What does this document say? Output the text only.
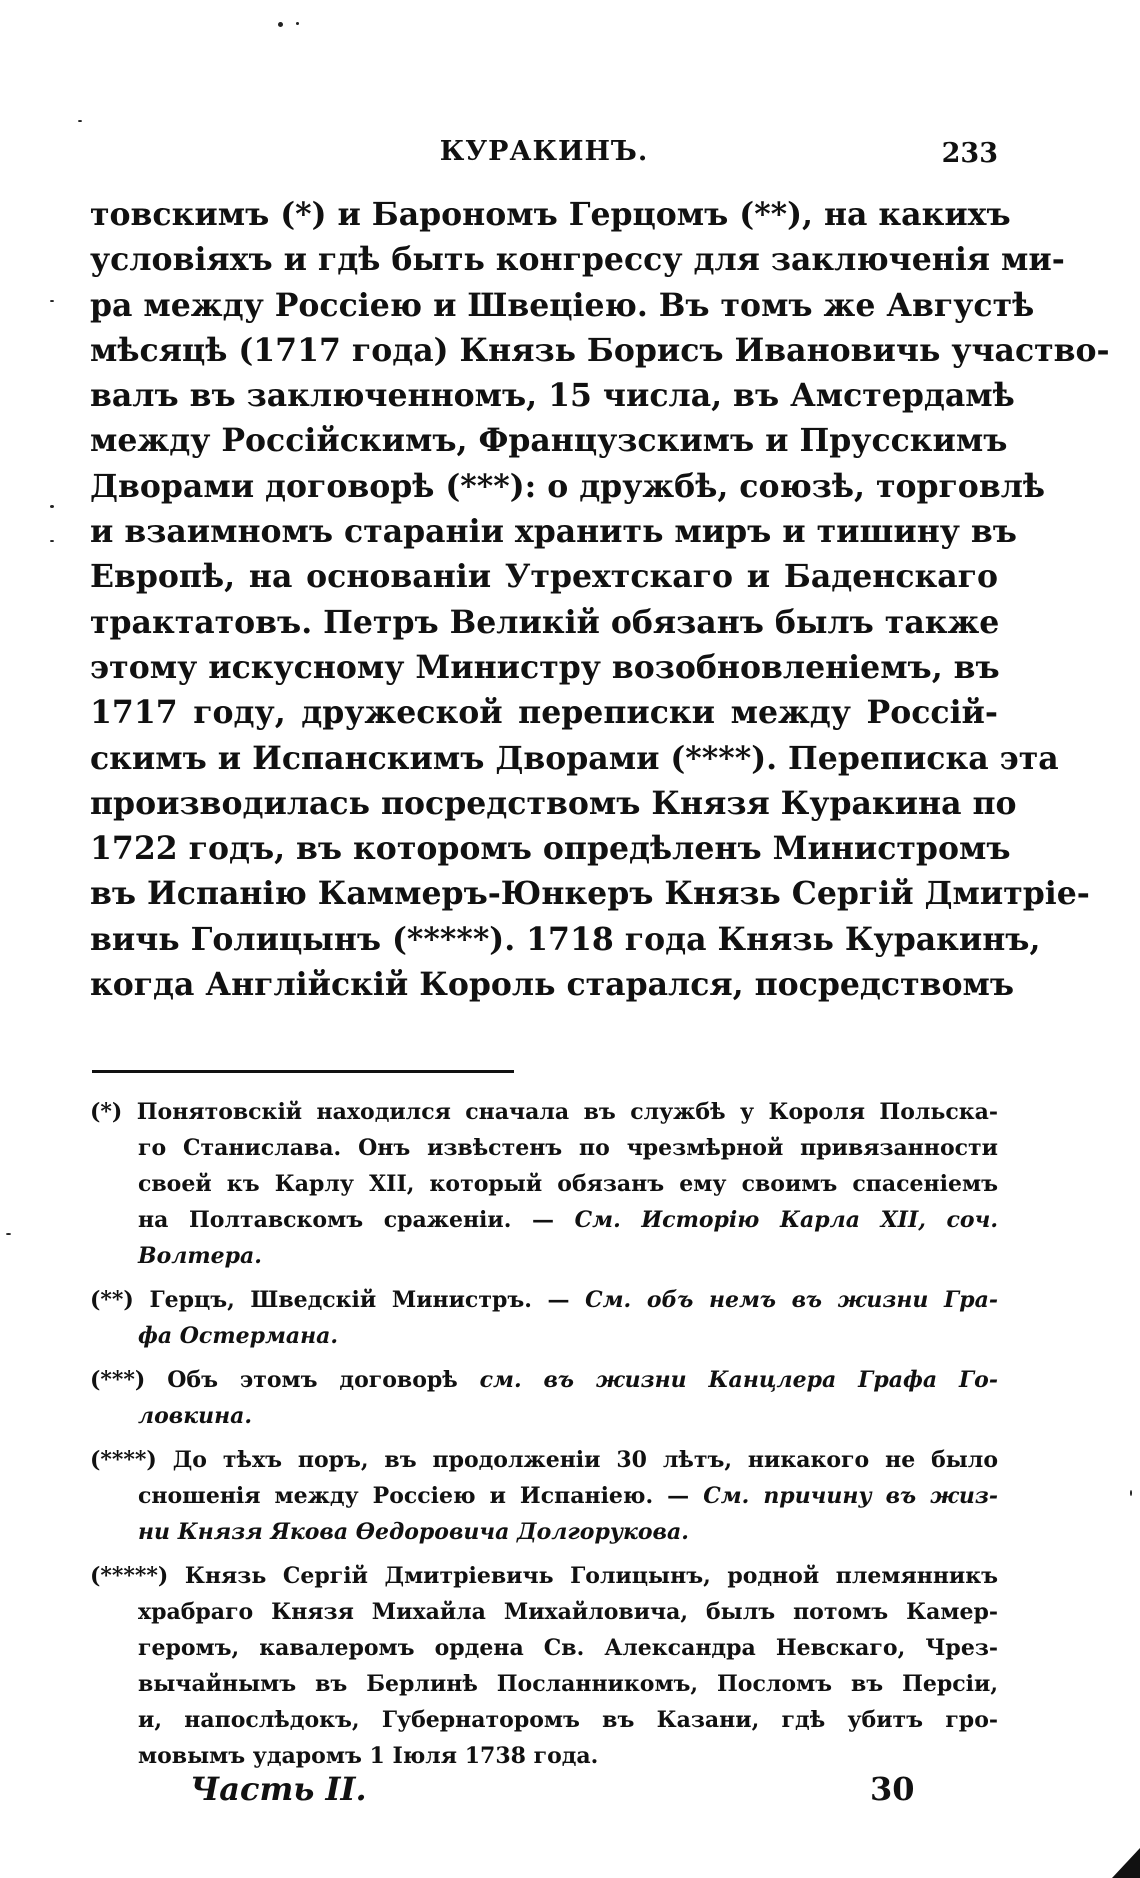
КУРАКИНЪ.	233
товскимъ (*) и Барономъ Герцомъ (**), на какихъ
условіяхъ и гдѣ быть конгрессу для заключенія ми-
ра между Россіею и Швеціею. Въ томъ же Августѣ
мѣсяцѣ (1717 года) Князь Борисъ Ивановичь участво-
валъ въ заключенномъ, 15 числа, въ Амстердамѣ
между Россійскимъ, Французскимъ и Прусскимъ
Дворами договорѣ (***): о дружбѣ, союзѣ, торговлѣ
и взаимномъ стараніи хранить миръ и тишину въ
Европѣ, на основаніи Утрехтскаго и Баденскаго
трактатовъ. Петръ Великій обязанъ былъ также
этому искусному Министру возобновленіемъ, въ
1717 году, дружеской переписки между Россій-
скимъ и Испанскимъ Дворами (****). Переписка эта
производилась посредствомъ Князя Куракина по
1722 годъ, въ которомъ опредѣленъ Министромъ
въ Испанію Каммеръ-Юнкеръ Князь Сергій Дмитріе-
вичь Голицынъ (*****). 1718 года Князь Куракинъ,
когда Англійскій Король старался, посредствомъ
(*) Понятовскій находился сначала въ службѣ у Короля Польска-
го Станислава. Онъ извѣстенъ по чрезмѣрной привязанности
своей къ Карлу XII, который обязанъ ему своимъ спасеніемъ
на Полтавскомъ сраженіи. — См. Исторію Карла XII, соч.
Волтера.
(**) Герцъ, Шведскій Министръ. — См. объ немъ въ жизни Гра-
фа Остермана.
(***) Объ этомъ договорѣ см. въ жизни Канцлера Графа Го-
ловкина.
(****) До тѣхъ поръ, въ продолженіи 30 лѣтъ, никакого не было
сношенія между Россіею и Испаніею. — См. причину въ жиз-
ни Князя Якова Ѳедоровича Долгорукова.
(*****) Князь Сергій Дмитріевичь Голицынъ, родной племянникъ
храбраго Князя Михайла Михайловича, былъ потомъ Камер-
геромъ, кавалеромъ ордена Св. Александра Невскаго, Чрез-
вычайнымъ въ Берлинѣ Посланникомъ, Посломъ въ Персіи,
и, напослѣдокъ, Губернаторомъ въ Казани, гдѣ убитъ гро-
мовымъ ударомъ 1 Іюля 1738 года.
Часть II.	30
